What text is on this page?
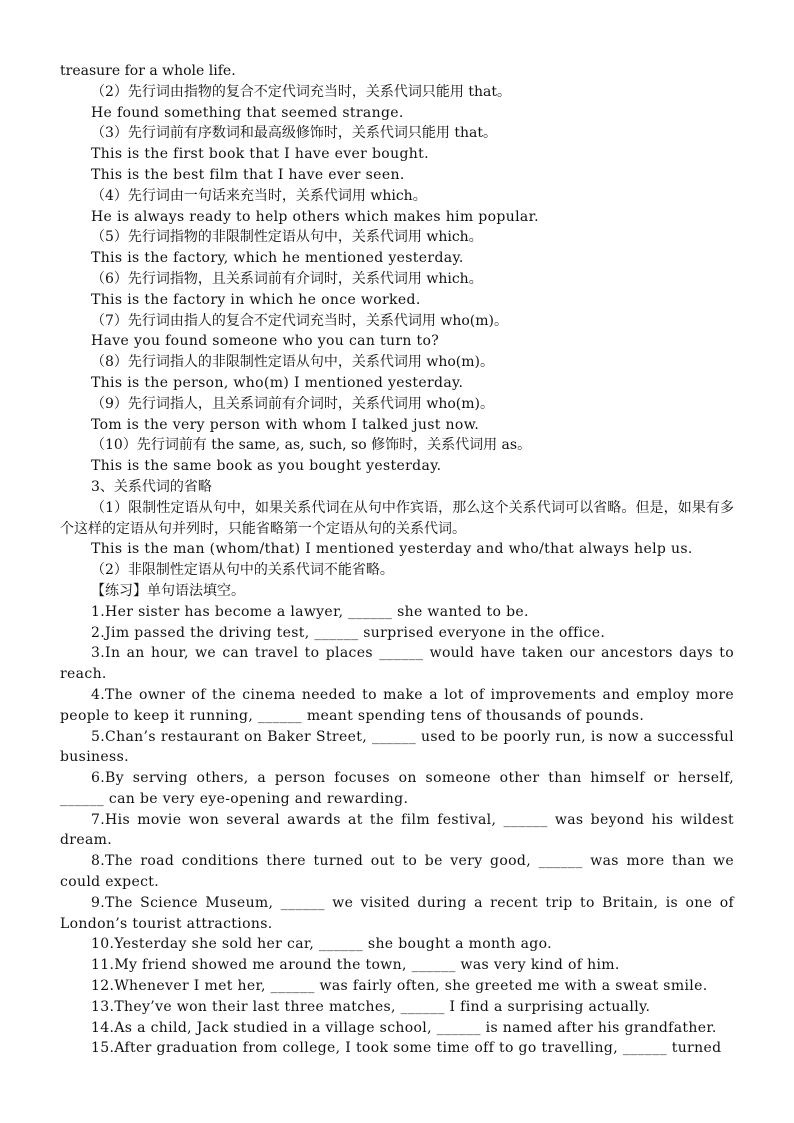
treasure for a whole life.
（2）先行词由指物的复合不定代词充当时，关系代词只能用 that。
He found something that seemed strange.
（3）先行词前有序数词和最高级修饰时，关系代词只能用 that。
This is the first book that I have ever bought.
This is the best film that I have ever seen.
（4）先行词由一句话来充当时，关系代词用 which。
He is always ready to help others which makes him popular.
（5）先行词指物的非限制性定语从句中，关系代词用 which。
This is the factory, which he mentioned yesterday.
（6）先行词指物，且关系词前有介词时，关系代词用 which。
This is the factory in which he once worked.
（7）先行词由指人的复合不定代词充当时，关系代词用 who(m)。
Have you found someone who you can turn to?
（8）先行词指人的非限制性定语从句中，关系代词用 who(m)。
This is the person, who(m) I mentioned yesterday.
（9）先行词指人，且关系词前有介词时，关系代词用 who(m)。
Tom is the very person with whom I talked just now.
（10）先行词前有 the same, as, such, so 修饰时，关系代词用 as。
This is the same book as you bought yesterday.
3、关系代词的省略
（1）限制性定语从句中，如果关系代词在从句中作宾语，那么这个关系代词可以省略。但是，如果有多个这样的定语从句并列时，只能省略第一个定语从句的关系代词。
This is the man (whom/that) I mentioned yesterday and who/that always help us.
（2）非限制性定语从句中的关系代词不能省略。
【练习】单句语法填空。
1.Her sister has become a lawyer, ______ she wanted to be.
2.Jim passed the driving test, ______ surprised everyone in the office.
3.In an hour, we can travel to places ______ would have taken our ancestors days to reach.
4.The owner of the cinema needed to make a lot of improvements and employ more people to keep it running, ______ meant spending tens of thousands of pounds.
5.Chan’s restaurant on Baker Street, ______ used to be poorly run, is now a successful business.
6.By serving others, a person focuses on someone other than himself or herself, ______ can be very eye-opening and rewarding.
7.His movie won several awards at the film festival, ______ was beyond his wildest dream.
8.The road conditions there turned out to be very good, ______ was more than we could expect.
9.The Science Museum, ______ we visited during a recent trip to Britain, is one of London’s tourist attractions.
10.Yesterday she sold her car, ______ she bought a month ago.
11.My friend showed me around the town, ______ was very kind of him.
12.Whenever I met her, ______ was fairly often, she greeted me with a sweat smile.
13.They’ve won their last three matches, ______ I find a surprising actually.
14.As a child, Jack studied in a village school, ______ is named after his grandfather.
15.After graduation from college, I took some time off to go travelling, ______ turned
